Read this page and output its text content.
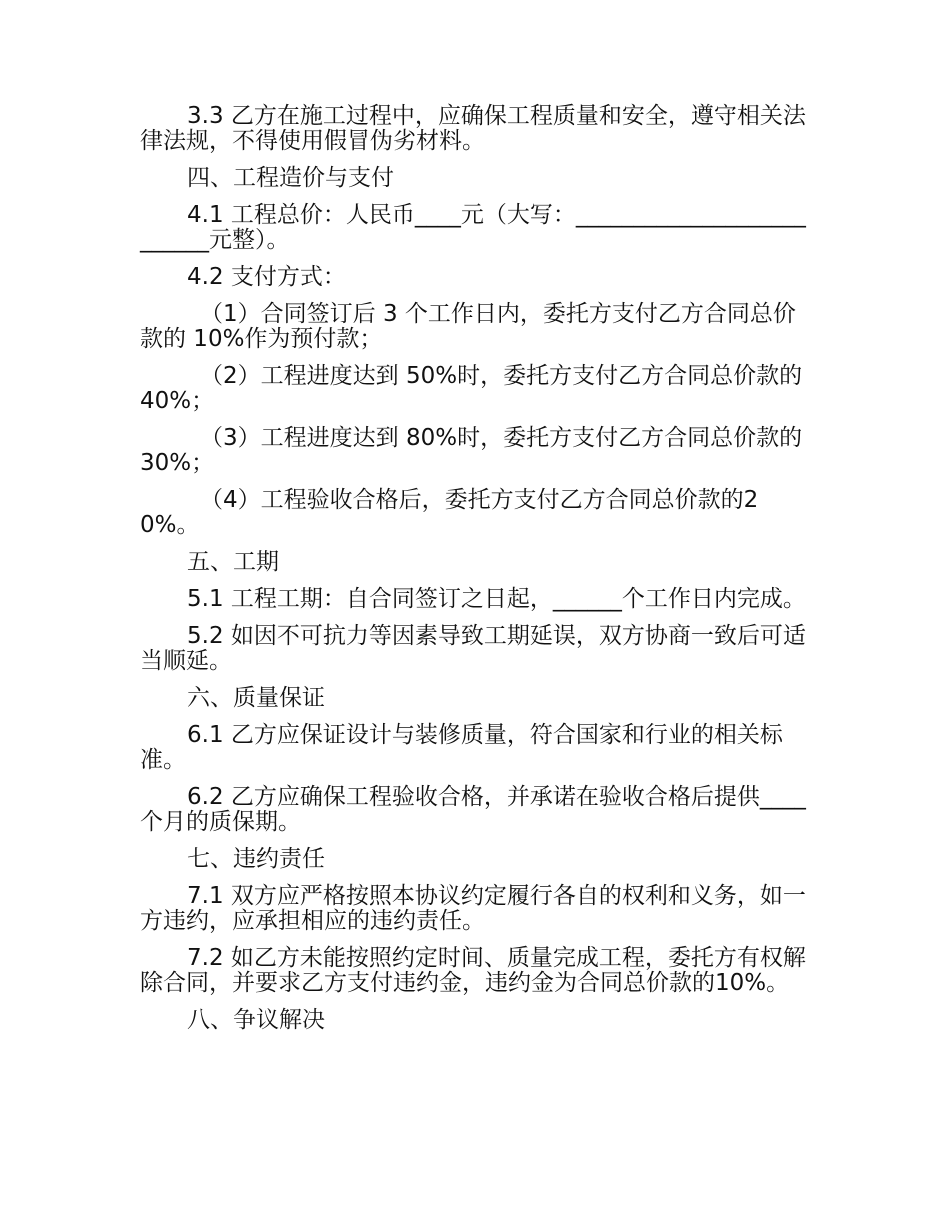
3.3 乙方在施工过程中，应确保工程质量和安全，遵守相关法律法规，不得使用假冒伪劣材料。

四、工程造价与支付

4.1 工程总价：人民币____元（大写：__________________________元整）。

4.2 支付方式：

（1）合同签订后 3 个工作日内，委托方支付乙方合同总价款的 10%作为预付款；

（2）工程进度达到 50%时，委托方支付乙方合同总价款的 40%；

（3）工程进度达到 80%时，委托方支付乙方合同总价款的 30%；

（4）工程验收合格后，委托方支付乙方合同总价款的20%。

五、工期

5.1 工程工期：自合同签订之日起，______个工作日内完成。

5.2 如因不可抗力等因素导致工期延误，双方协商一致后可适当顺延。

六、质量保证

6.1 乙方应保证设计与装修质量，符合国家和行业的相关标准。

6.2 乙方应确保工程验收合格，并承诺在验收合格后提供____个月的质保期。

七、违约责任

7.1 双方应严格按照本协议约定履行各自的权利和义务，如一方违约，应承担相应的违约责任。

7.2 如乙方未能按照约定时间、质量完成工程，委托方有权解除合同，并要求乙方支付违约金，违约金为合同总价款的10%。

八、争议解决
